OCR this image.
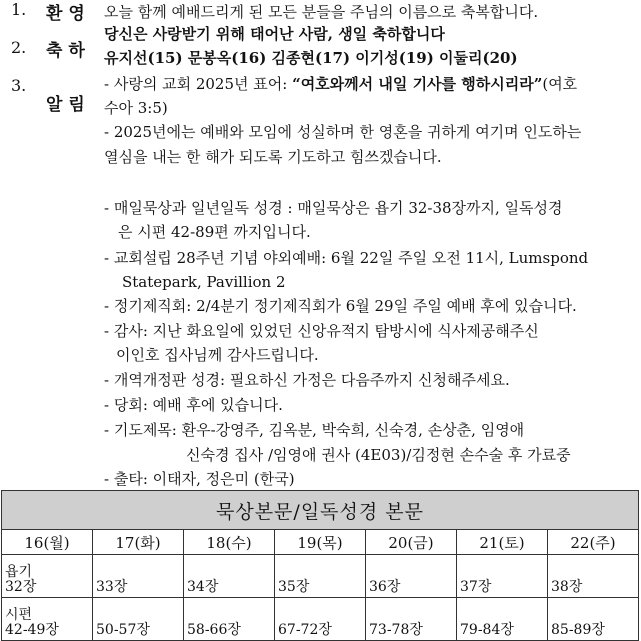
1. 환영
2. 축하
3.
알림
오늘 함께 예배드리게 된 모든 분들을 주님의 이름으로 축복합니다.
당신은 사랑받기 위해 태어난 사람, 생일 축하합니다
유지선(15) 문봉옥(16) 김종현(17) 이기성(19) 이둘리(20)
- 사랑의 교회 2025년 표어: “여호와께서 내일 기사를 행하시리라”(여호
수아 3:5)
- 2025년에는 예배와 모임에 성실하며 한 영혼을 귀하게 여기며 인도하는
열심을 내는 한 해가 되도록 기도하고 힘쓰겠습니다.
- 매일묵상과 일년일독 성경 : 매일묵상은 욥기 32-38장까지, 일독성경
은 시편 42-89편 까지입니다.
- 교회설립 28주년 기념 야외예배: 6월 22일 주일 오전 11시, Lumspond
Statepark, Pavillion 2
- 정기제직회: 2/4분기 정기제직회가 6월 29일 주일 예배 후에 있습니다.
- 감사: 지난 화요일에 있었던 신앙유적지 탐방시에 식사제공해주신
이인호 집사님께 감사드립니다.
- 개역개정판 성경: 필요하신 가정은 다음주까지 신청해주세요.
- 당회: 예배 후에 있습니다.
- 기도제목: 환우-강영주, 김옥분, 박숙희, 신숙경, 손상춘, 임영애
신숙경 집사 /임영애 권사 (4E03)/김정현 손수술 후 가료중
- 출타: 이태자, 정은미 (한국)
묵상본문/일독성경 본문						
16(월)	17(화)	18(수)	19(목)	20(금)	21(토)	22(주)

욥기
32장	33장	34장	35장	36장	37장	38장

시편
42-49장	50-57장	58-66장	67-72장	73-78장	79-84장	85-89장
